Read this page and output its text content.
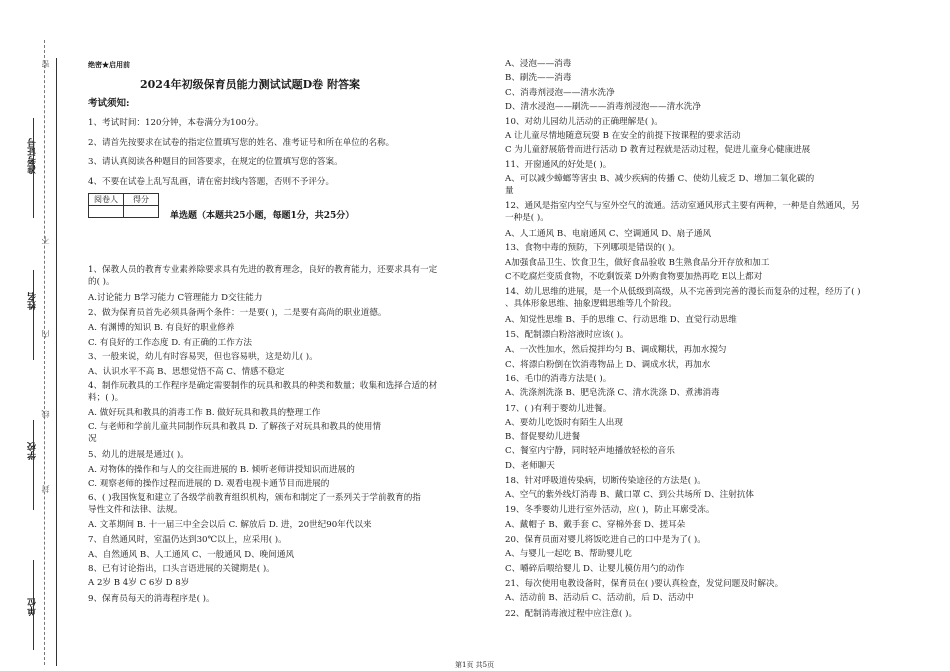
准考证号
姓名
学校
单位
密
不
内
线
封
绝密★启用前
2024年初级保育员能力测试试题D卷 附答案
考试须知:
1、考试时间：120分钟，本卷满分为100分。
2、请首先按要求在试卷的指定位置填写您的姓名、准考证号和所在单位的名称。
3、请认真阅读各种题目的回答要求，在规定的位置填写您的答案。
4、不要在试卷上乱写乱画，请在密封线内答题，否则不予评分。
阅卷人	得分

单选题（本题共25小题，每题1分，共25分）
1、保教人员的教育专业素养除要求具有先进的教育理念，良好的教育能力，还要求具有一定
的( )。
A.讨论能力 B学习能力 C管理能力 D交往能力
2、做为保育员首先必须具备两个条件：一是要( )，二是要有高尚的职业道德。
A. 有渊博的知识 B. 有良好的职业修养
C. 有良好的工作态度 D. 有正确的工作方法
3、一般来说，幼儿有时容易哭，但也容易哄，这是幼儿( )。
A、认识水平不高 B、思想觉悟不高 C、情感不稳定
4、制作玩教具的工作程序是确定需要制作的玩具和教具的种类和数量；收集和选择合适的材
料；( )。
A. 做好玩具和教具的消毒工作 B. 做好玩具和教具的整理工作
C. 与老师和学前儿童共同制作玩具和教具 D. 了解孩子对玩具和教具的使用情
况
5、幼儿的进展是通过( )。
A. 对物体的操作和与人的交往而进展的 B. 倾听老师讲授知识而进展的
C. 观察老师的操作过程而进展的 D. 观看电视卡通节目而进展的
6、( )我国恢复和建立了各级学前教育组织机构，颁布和制定了一系列关于学前教育的指
导性文件和法律、法规。
A. 文革期间 B. 十一届三中全会以后 C. 解放后 D. 进，20世纪90年代以来
7、自然通风时，室温仍达到30℃以上，应采用( )。
A、自然通风 B、人工通风 C、一般通风 D、晚间通风
8、已有讨论指出，口头言语进展的关键期是( )。
A 2岁 B 4岁 C 6岁 D 8岁
9、保育员每天的消毒程序是( )。
A、浸泡——消毒
B、刷洗——消毒
C、消毒剂浸泡——清水洗净
D、清水浸泡——刷洗——消毒剂浸泡——清水洗净
10、对幼儿园幼儿活动的正确理解是( )。
A 让儿童尽情地随意玩耍 B 在安全的前提下按课程的要求活动
C 为儿童舒展筋骨而进行活动 D 教育过程就是活动过程，促进儿童身心健康进展
11、开窗通风的好处是( )。
A、可以减少蟑螂等害虫 B、减少疾病的传播 C、使幼儿疲乏 D、增加二氧化碳的
量
12、通风是指室内空气与室外空气的流通。活动室通风形式主要有两种，一种是自然通风，另
一种是( )。
A、人工通风 B、电扇通风 C、空调通风 D、扇子通风
13、食物中毒的预防，下列哪项是错误的( )。
A加强食品卫生、饮食卫生，做好食品验收 B生熟食品分开存放和加工
C不吃腐烂变质食物，不吃剩饭菜 D外购食物要加热再吃 E以上都对
14、幼儿思维的进展，是一个从低级到高级，从不完善到完善的漫长而复杂的过程，经历了( )
、具体形象思维、抽象逻辑思维等几个阶段。
A、知觉性思维 B、手的思维 C、行动思维 D、直觉行动思维
15、配制漂白粉溶液时应该( )。
A、一次性加水，然后搅拌均匀 B、调成糊状，再加水搅匀
C、将漂白粉倒在饮消毒物品上 D、调成水状，再加水
16、毛巾的消毒方法是( )。
A、洗涤剂洗涤 B、肥皂洗涤 C、清水洗涤 D、煮沸消毒
17、( )有利于婴幼儿进餐。
A、要幼儿吃饭时有陌生人出现
B、督促婴幼儿进餐
C、餐室内宁静，同时轻声地播放轻松的音乐
D、老师聊天
18、针对呼吸道传染病，切断传染途径的方法是( )。
A、空气的紫外线灯消毒 B、戴口罩 C、到公共场所 D、注射抗体
19、冬季婴幼儿进行室外活动，应( )，防止耳廓受冻。
A、戴帽子 B、戴手套 C、穿棉外套 D、搓耳朵
20、保育员面对婴儿将饭吃进自己的口中是为了( )。
A、与婴儿一起吃 B、帮助婴儿吃
C、嚼碎后喂给婴儿 D、让婴儿模仿用勺的动作
21、每次使用电教设备时，保育员在( )要认真检查，发觉问题及时解决。
A、活动前 B、活动后 C、活动前，后 D、活动中
22、配制消毒液过程中应注意( )。
第1页 共5页
